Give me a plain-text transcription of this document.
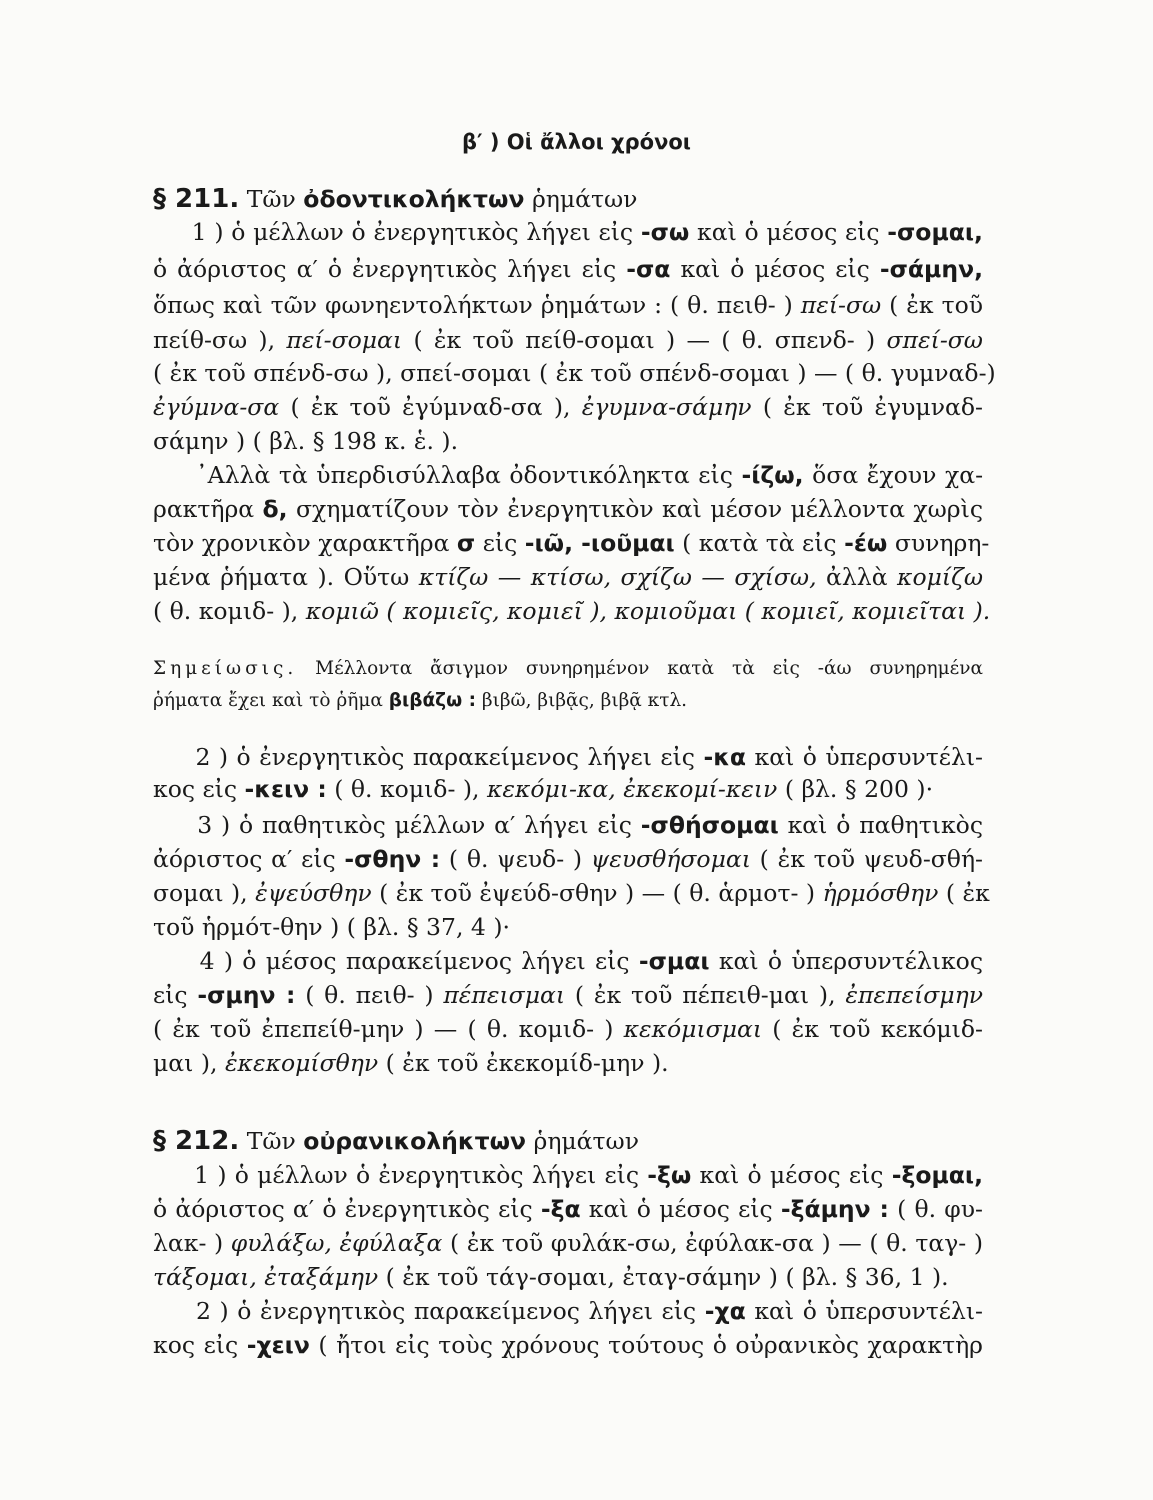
β′ ) Οἱ ἄλλοι χρόνοι
§ 211. Τῶν ὀδοντικολήκτων ῥημάτων
1 ) ὁ μέλλων ὁ ἐνεργητικὸς λήγει εἰς -σω καὶ ὁ μέσος εἰς -σομαι,
ὁ ἀόριστος α′ ὁ ἐνεργητικὸς λήγει εἰς -σα καὶ ὁ μέσος εἰς -σάμην,
ὅπως καὶ τῶν φωνηεντολήκτων ῥημάτων : ( θ. πειθ- ) πεί-σω ( ἐκ τοῦ
πείθ-σω ), πεί-σομαι ( ἐκ τοῦ πείθ-σομαι ) — ( θ. σπενδ- ) σπεί-σω
( ἐκ τοῦ σπένδ-σω ), σπεί-σομαι ( ἐκ τοῦ σπένδ-σομαι ) — ( θ. γυμναδ-)
ἐγύμνα-σα ( ἐκ τοῦ ἐγύμναδ-σα ), ἐγυμνα-σάμην ( ἐκ τοῦ ἐγυμναδ-
σάμην ) ( βλ. § 198 κ. ἑ. ).
᾿Αλλὰ τὰ ὑπερδισύλλαβα ὀδοντικόληκτα εἰς -ίζω, ὅσα ἔχουν χα-
ρακτῆρα δ, σχηματίζουν τὸν ἐνεργητικὸν καὶ μέσον μέλλοντα χωρὶς
τὸν χρονικὸν χαρακτῆρα σ εἰς -ιῶ, -ιοῦμαι ( κατὰ τὰ εἰς -έω συνηρη-
μένα ῥήματα ). Οὕτω κτίζω — κτίσω, σχίζω — σχίσω, ἀλλὰ κομίζω
( θ. κομιδ- ), κομιῶ ( κομιεῖς, κομιεῖ ), κομιοῦμαι ( κομιεῖ, κομιεῖται ).
Σημείωσις. Μέλλοντα ἄσιγμον συνηρημένον κατὰ τὰ εἰς -άω συνηρημένα
ῥήματα ἔχει καὶ τὸ ῥῆμα βιβάζω : βιβῶ, βιβᾷς, βιβᾷ κτλ.
2 ) ὁ ἐνεργητικὸς παρακείμενος λήγει εἰς -κα καὶ ὁ ὑπερσυντέλι-
κος εἰς -κειν : ( θ. κομιδ- ), κεκόμι-κα, ἐκεκομί-κειν ( βλ. § 200 )·
3 ) ὁ παθητικὸς μέλλων α′ λήγει εἰς -σθήσομαι καὶ ὁ παθητικὸς
ἀόριστος α′ εἰς -σθην : ( θ. ψευδ- ) ψευσθήσομαι ( ἐκ τοῦ ψευδ-σθή-
σομαι ), ἐψεύσθην ( ἐκ τοῦ ἐψεύδ-σθην ) — ( θ. ἁρμοτ- ) ἡρμόσθην ( ἐκ
τοῦ ἡρμότ-θην ) ( βλ. § 37, 4 )·
4 ) ὁ μέσος παρακείμενος λήγει εἰς -σμαι καὶ ὁ ὑπερσυντέλικος
εἰς -σμην : ( θ. πειθ- ) πέπεισμαι ( ἐκ τοῦ πέπειθ-μαι ), ἐπεπείσμην
( ἐκ τοῦ ἐπεπείθ-μην ) — ( θ. κομιδ- ) κεκόμισμαι ( ἐκ τοῦ κεκόμιδ-
μαι ), ἐκεκομίσθην ( ἐκ τοῦ ἐκεκομίδ-μην ).
§ 212. Τῶν οὐρανικολήκτων ῥημάτων
1 ) ὁ μέλλων ὁ ἐνεργητικὸς λήγει εἰς -ξω καὶ ὁ μέσος εἰς -ξομαι,
ὁ ἀόριστος α′ ὁ ἐνεργητικὸς εἰς -ξα καὶ ὁ μέσος εἰς -ξάμην : ( θ. φυ-
λακ- ) φυλάξω, ἐφύλαξα ( ἐκ τοῦ φυλάκ-σω, ἐφύλακ-σα ) — ( θ. ταγ- )
τάξομαι, ἐταξάμην ( ἐκ τοῦ τάγ-σομαι, ἐταγ-σάμην ) ( βλ. § 36, 1 ).
2 ) ὁ ἐνεργητικὸς παρακείμενος λήγει εἰς -χα καὶ ὁ ὑπερσυντέλι-
κος εἰς -χειν ( ἤτοι εἰς τοὺς χρόνους τούτους ὁ οὐρανικὸς χαρακτὴρ
